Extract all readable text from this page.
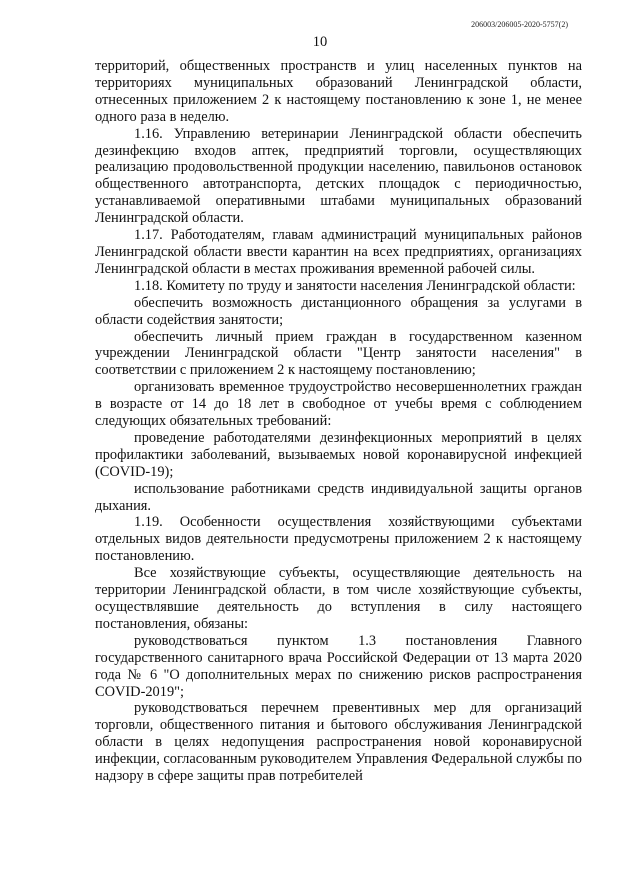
206003/206005-2020-5757(2)
10

территорий, общественных пространств и улиц населенных пунктов на территориях муниципальных образований Ленинградской области, отнесенных приложением 2 к настоящему постановлению к зоне 1, не менее одного раза в неделю.

1.16. Управлению ветеринарии Ленинградской области обеспечить дезинфекцию входов аптек, предприятий торговли, осуществляющих реализацию продовольственной продукции населению, павильонов остановок общественного автотранспорта, детских площадок с периодичностью, устанавливаемой оперативными штабами муниципальных образований Ленинградской области.

1.17. Работодателям, главам администраций муниципальных районов Ленинградской области ввести карантин на всех предприятиях, организациях Ленинградской области в местах проживания временной рабочей силы.

1.18. Комитету по труду и занятости населения Ленинградской области:

обеспечить возможность дистанционного обращения за услугами в области содействия занятости;

обеспечить личный прием граждан в государственном казенном учреждении Ленинградской области "Центр занятости населения" в соответствии с приложением 2 к настоящему постановлению;

организовать временное трудоустройство несовершеннолетних граждан в возрасте от 14 до 18 лет в свободное от учебы время с соблюдением следующих обязательных требований:

проведение работодателями дезинфекционных мероприятий в целях профилактики заболеваний, вызываемых новой коронавирусной инфекцией (COVID-19);

использование работниками средств индивидуальной защиты органов дыхания.

1.19. Особенности осуществления хозяйствующими субъектами отдельных видов деятельности предусмотрены приложением 2 к настоящему постановлению.

Все хозяйствующие субъекты, осуществляющие деятельность на территории Ленинградской области, в том числе хозяйствующие субъекты, осуществлявшие деятельность до вступления в силу настоящего постановления, обязаны:

руководствоваться пунктом 1.3 постановления Главного государственного санитарного врача Российской Федерации от 13 марта 2020 года № 6 "О дополнительных мерах по снижению рисков распространения COVID-2019";

руководствоваться перечнем превентивных мер для организаций торговли, общественного питания и бытового обслуживания Ленинградской области в целях недопущения распространения новой коронавирусной инфекции, согласованным руководителем Управления Федеральной службы по надзору в сфере защиты прав потребителей
